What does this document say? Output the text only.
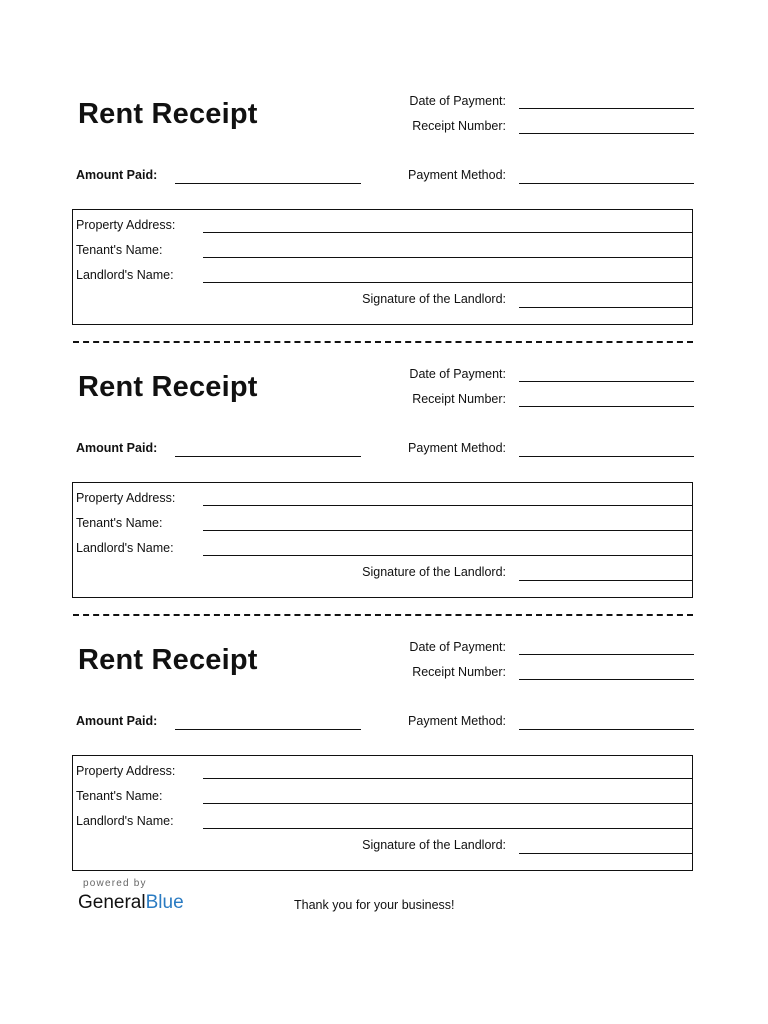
Rent Receipt	Date of Payment:
Receipt Number:
Amount Paid:	Payment Method:
Property Address:
Tenant's Name:
Landlord's Name:
Signature of the Landlord:
Rent Receipt	Date of Payment:
Receipt Number:
Amount Paid:	Payment Method:
Property Address:
Tenant's Name:
Landlord's Name:
Signature of the Landlord:
Rent Receipt	Date of Payment:
Receipt Number:
Amount Paid:	Payment Method:
Property Address:
Tenant's Name:
Landlord's Name:
Signature of the Landlord:
powered by
GeneralBlue	Thank you for your business!
